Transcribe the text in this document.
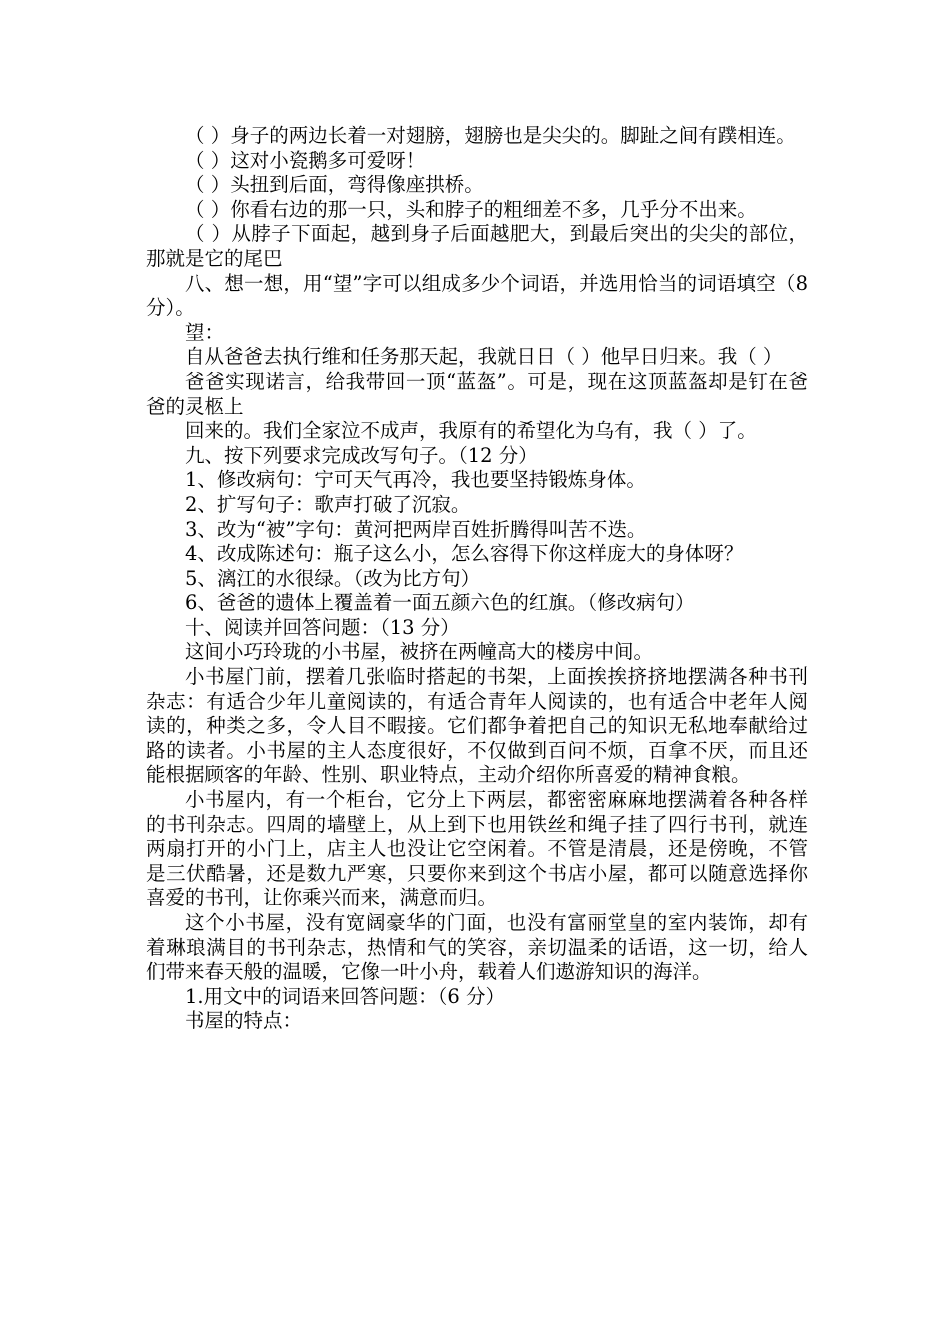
（ ）身子的两边长着一对翅膀，翅膀也是尖尖的。脚趾之间有蹼相连。

（ ）这对小瓷鹅多可爱呀！

（ ）头扭到后面，弯得像座拱桥。

（ ）你看右边的那一只，头和脖子的粗细差不多，几乎分不出来。

（ ）从脖子下面起，越到身子后面越肥大，到最后突出的尖尖的部位，那就是它的尾巴

八、想一想，用“望”字可以组成多少个词语，并选用恰当的词语填空（8 分）。

望：

自从爸爸去执行维和任务那天起，我就日日（ ）他早日归来。我（ ）

爸爸实现诺言，给我带回一顶“蓝盔”。可是，现在这顶蓝盔却是钉在爸爸的灵柩上

回来的。我们全家泣不成声，我原有的希望化为乌有，我（ ）了。

九、按下列要求完成改写句子。（12 分）

1、修改病句：宁可天气再冷，我也要坚持锻炼身体。

2、扩写句子：歌声打破了沉寂。

3、改为“被”字句：黄河把两岸百姓折腾得叫苦不迭。

4、改成陈述句：瓶子这么小，怎么容得下你这样庞大的身体呀？

5、漓江的水很绿。（改为比方句）

6、爸爸的遗体上覆盖着一面五颜六色的红旗。（修改病句）

十、阅读并回答问题：（13 分）

这间小巧玲珑的小书屋，被挤在两幢高大的楼房中间。

小书屋门前，摆着几张临时搭起的书架，上面挨挨挤挤地摆满各种书刊杂志：有适合少年儿童阅读的，有适合青年人阅读的，也有适合中老年人阅读的，种类之多，令人目不暇接。它们都争着把自己的知识无私地奉献给过路的读者。小书屋的主人态度很好，不仅做到百问不烦，百拿不厌，而且还能根据顾客的年龄、性别、职业特点，主动介绍你所喜爱的精神食粮。

小书屋内，有一个柜台，它分上下两层，都密密麻麻地摆满着各种各样的书刊杂志。四周的墙壁上，从上到下也用铁丝和绳子挂了四行书刊，就连两扇打开的小门上，店主人也没让它空闲着。不管是清晨，还是傍晚，不管是三伏酷暑，还是数九严寒，只要你来到这个书店小屋，都可以随意选择你喜爱的书刊，让你乘兴而来，满意而归。

这个小书屋，没有宽阔豪华的门面，也没有富丽堂皇的室内装饰，却有着琳琅满目的书刊杂志，热情和气的笑容，亲切温柔的话语，这一切，给人们带来春天般的温暖，它像一叶小舟，载着人们遨游知识的海洋。

1.用文中的词语来回答问题：（6 分）

书屋的特点：
